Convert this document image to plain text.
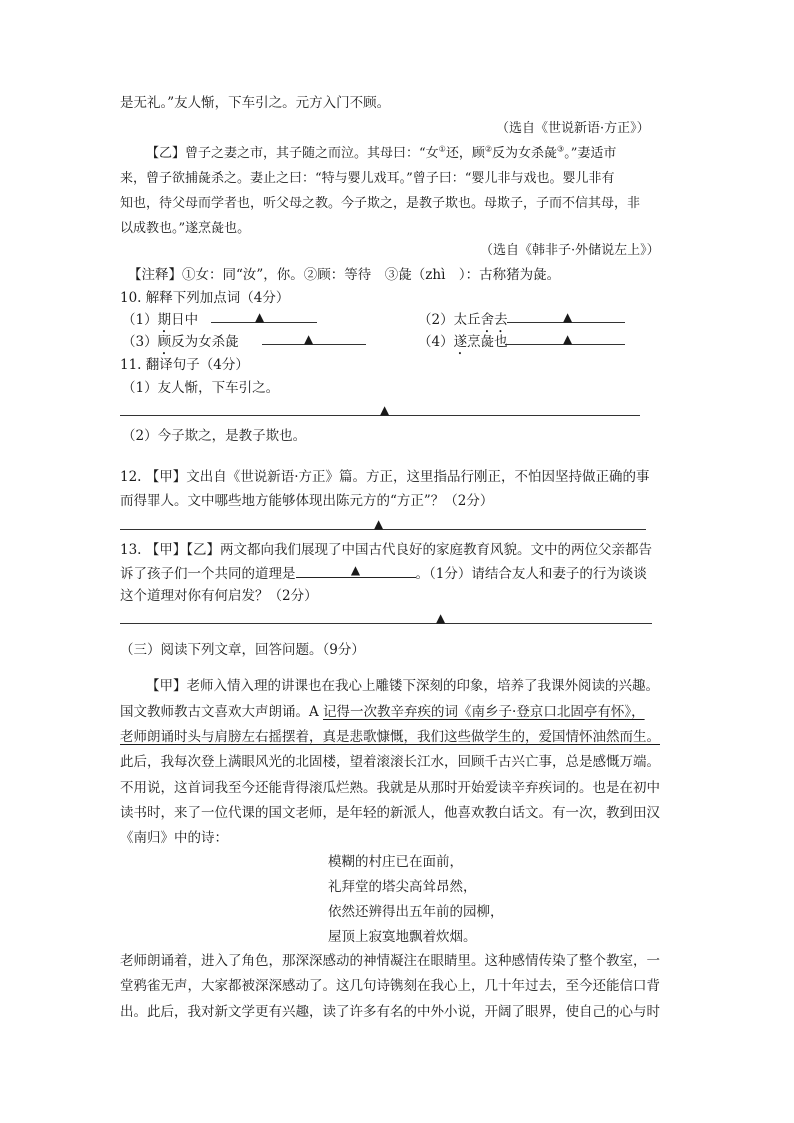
是无礼。”友人惭，下车引之。元方入门不顾。
（选自《世说新语·方正》）
【乙】曾子之妻之市，其子随之而泣。其母曰：“女①还，顾②反为女杀彘③。”妻适市
来，曾子欲捕彘杀之。妻止之曰：“特与婴儿戏耳。”曾子曰：“婴儿非与戏也。婴儿非有
知也，待父母而学者也，听父母之教。今子欺之，是教子欺也。母欺子，子而不信其母，非
以成教也。”遂烹彘也。
（选自《韩非子·外储说左上》）
【注释】①女：同“汝”，你。②顾：等待　③彘（zhì　）：古称猪为彘。
10. 解释下列加点词（4分）
（1）期日中	▲	（2）太丘舍去	▲
（3）顾反为女杀彘	▲	（4）遂烹彘也	▲
11. 翻译句子（4分）
（1）友人惭，下车引之。
▲
（2）今子欺之，是教子欺也。
12. 【甲】文出自《世说新语·方正》篇。方正，这里指品行刚正，不怕因坚持做正确的事
而得罪人。文中哪些地方能够体现出陈元方的“方正”？（2分）
▲
13. 【甲】【乙】两文都向我们展现了中国古代良好的家庭教育风貌。文中的两位父亲都告
诉了孩子们一个共同的道理是	▲	。（1分）请结合友人和妻子的行为谈谈
这个道理对你有何启发？（2分）
▲
（三）阅读下列文章，回答问题。（9分）
【甲】老师入情入理的讲课也在我心上雕镂下深刻的印象，培养了我课外阅读的兴趣。
国文教师教古文喜欢大声朗诵。A 记得一次教辛弃疾的词《南乡子·登京口北固亭有怀》，
老师朗诵时头与肩膀左右摇摆着，真是悲歌慷慨，我们这些做学生的，爱国情怀油然而生。
此后，我每次登上满眼风光的北固楼，望着滚滚长江水，回顾千古兴亡事，总是感慨万端。
不用说，这首词我至今还能背得滚瓜烂熟。我就是从那时开始爱读辛弃疾词的。也是在初中
读书时，来了一位代课的国文老师，是年轻的新派人，他喜欢教白话文。有一次，教到田汉
《南归》中的诗：
模糊的村庄已在面前，
礼拜堂的塔尖高耸昂然，
依然还辨得出五年前的园柳，
屋顶上寂寞地飘着炊烟。
老师朗诵着，进入了角色，那深深感动的神情凝注在眼睛里。这种感情传染了整个教室，一
堂鸦雀无声，大家都被深深感动了。这几句诗镌刻在我心上，几十年过去，至今还能信口背
出。此后，我对新文学更有兴趣，读了许多有名的中外小说，开阔了眼界，使自己的心与时
